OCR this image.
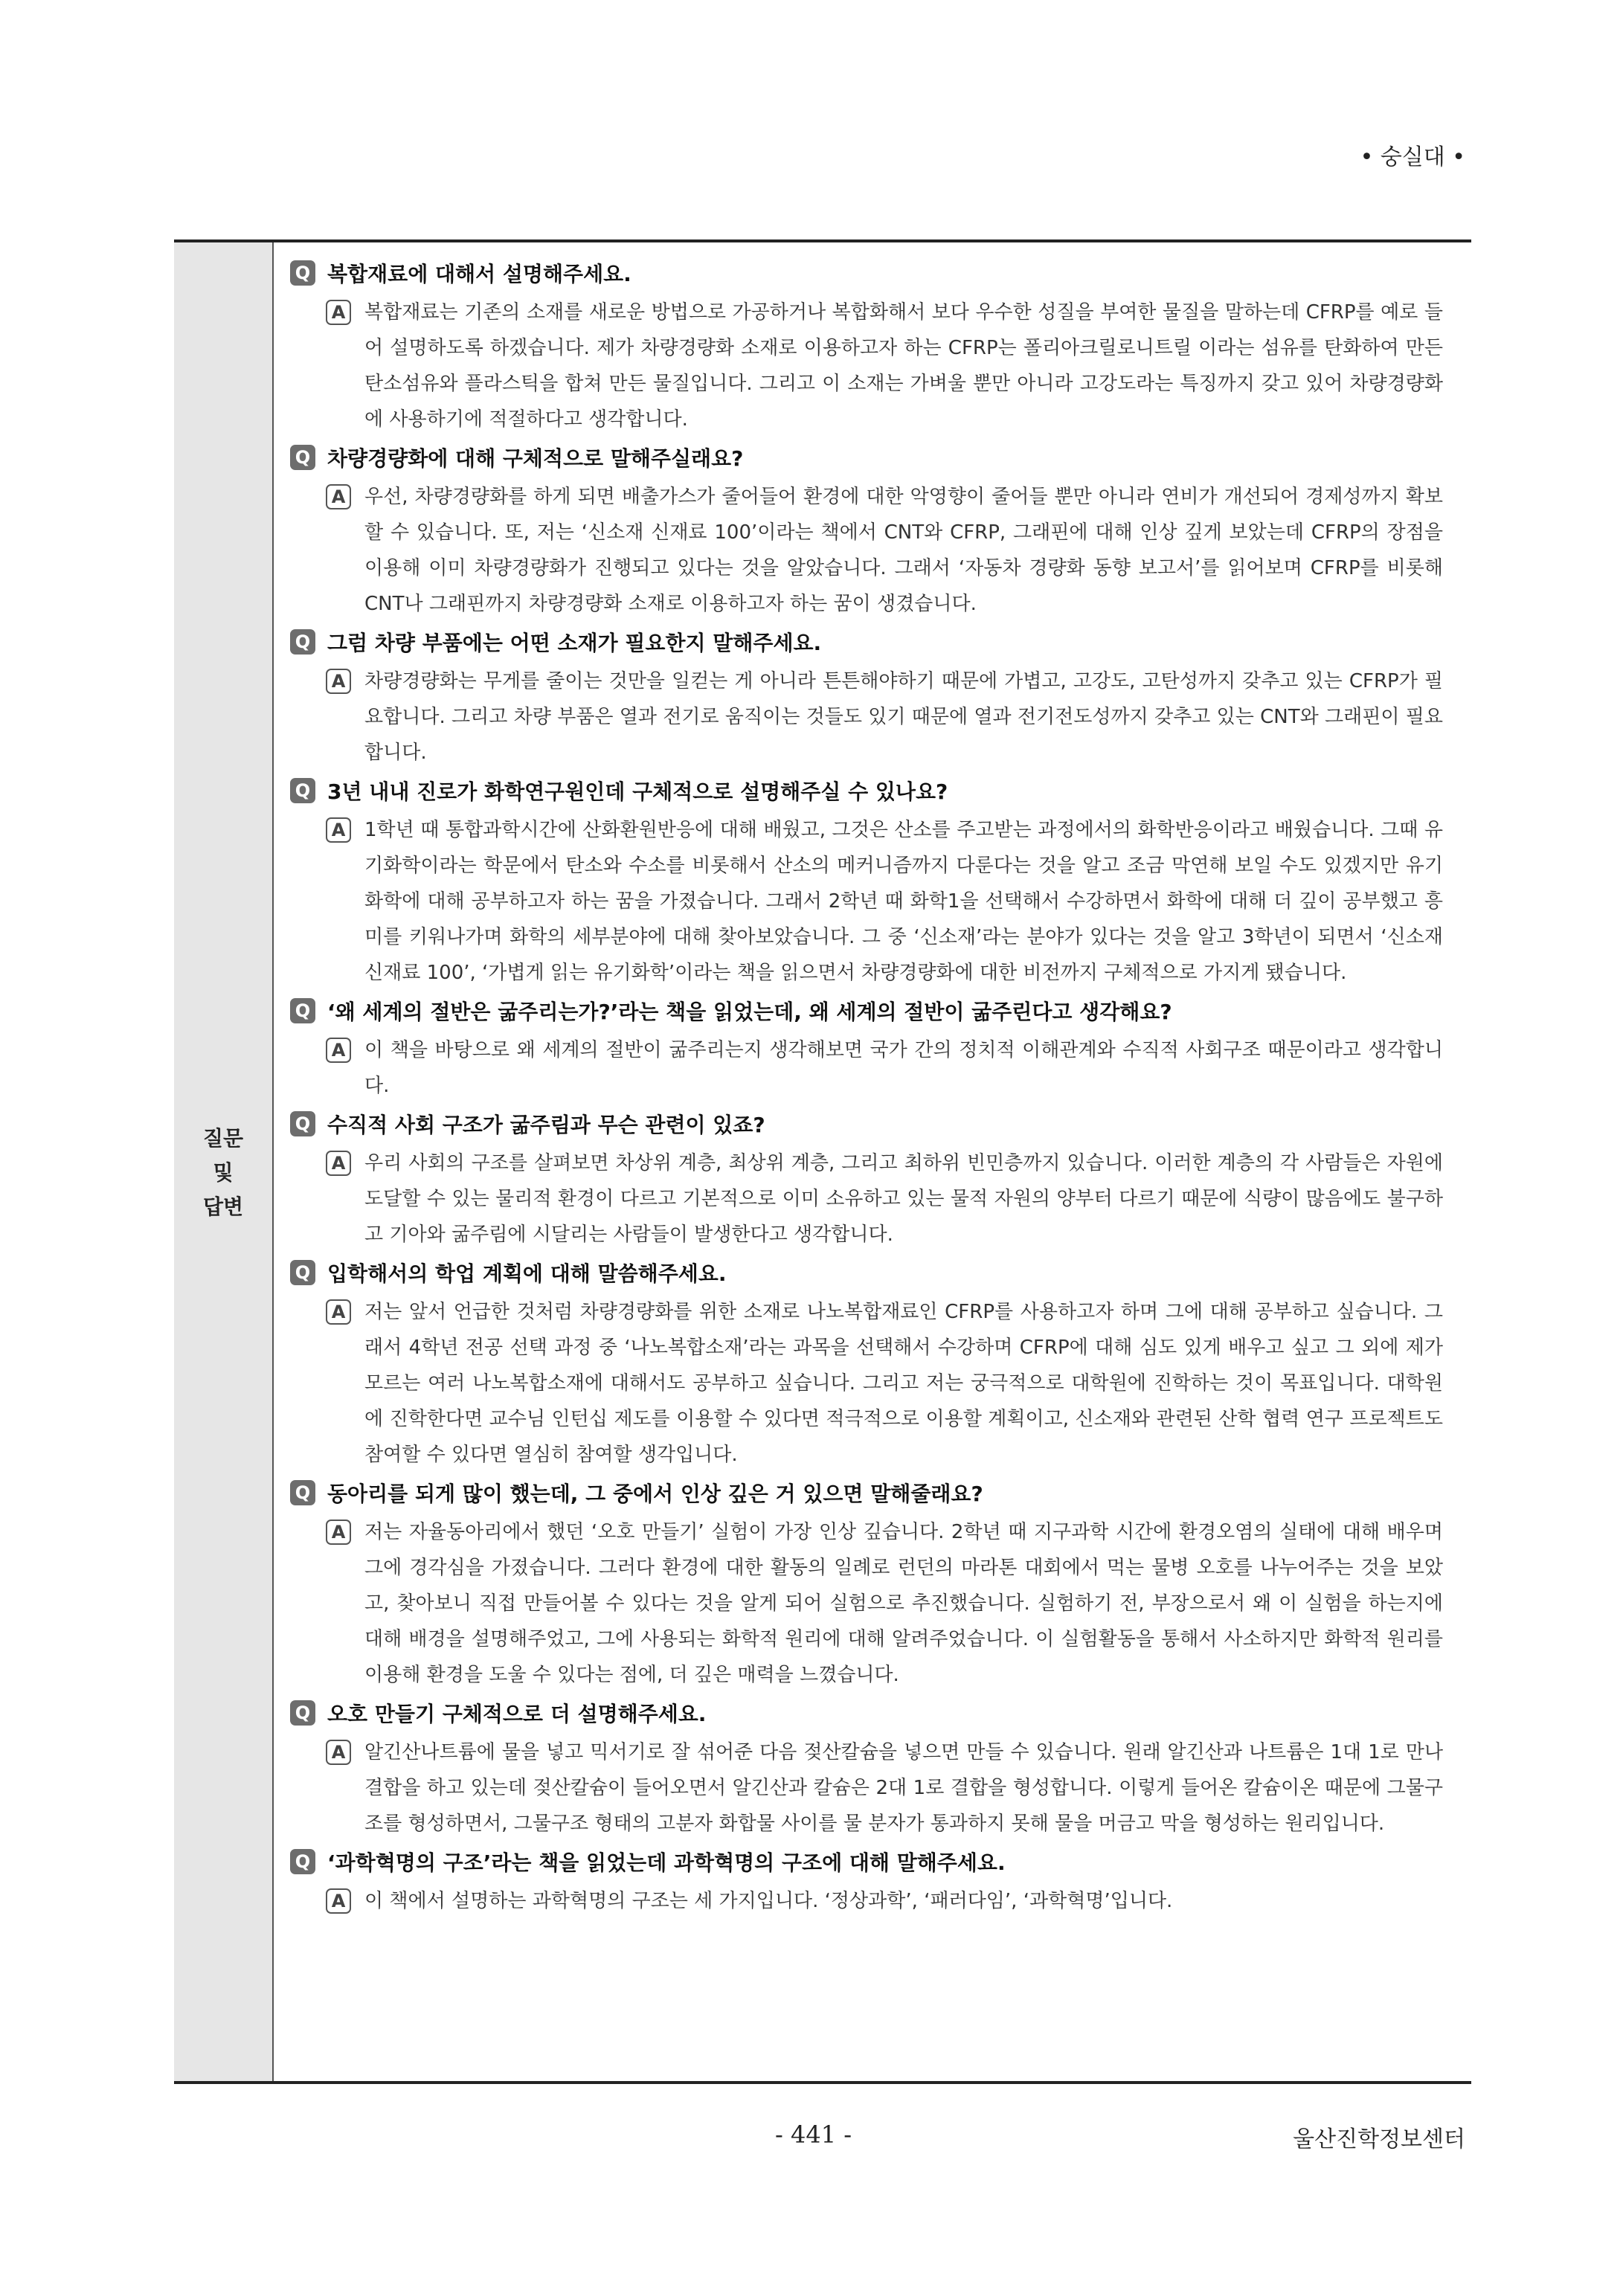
• 숭실대 •
질문
및
답변
Q 복합재료에 대해서 설명해주세요.
A 복합재료는 기존의 소재를 새로운 방법으로 가공하거나 복합화해서 보다 우수한 성질을 부여한 물질을 말하는데 CFRP를 예로 들어 설명하도록 하겠습니다. 제가 차량경량화 소재로 이용하고자 하는 CFRP는 폴리아크릴로니트릴 이라는 섬유를 탄화하여 만든 탄소섬유와 플라스틱을 합쳐 만든 물질입니다. 그리고 이 소재는 가벼울 뿐만 아니라 고강도라는 특징까지 갖고 있어 차량경량화에 사용하기에 적절하다고 생각합니다.
Q 차량경량화에 대해 구체적으로 말해주실래요?
A 우선, 차량경량화를 하게 되면 배출가스가 줄어들어 환경에 대한 악영향이 줄어들 뿐만 아니라 연비가 개선되어 경제성까지 확보할 수 있습니다. 또, 저는 ‘신소재 신재료 100’이라는 책에서 CNT와 CFRP, 그래핀에 대해 인상 깊게 보았는데 CFRP의 장점을 이용해 이미 차량경량화가 진행되고 있다는 것을 알았습니다. 그래서 ‘자동차 경량화 동향 보고서’를 읽어보며 CFRP를 비롯해 CNT나 그래핀까지 차량경량화 소재로 이용하고자 하는 꿈이 생겼습니다.
Q 그럼 차량 부품에는 어떤 소재가 필요한지 말해주세요.
A 차량경량화는 무게를 줄이는 것만을 일컫는 게 아니라 튼튼해야하기 때문에 가볍고, 고강도, 고탄성까지 갖추고 있는 CFRP가 필요합니다. 그리고 차량 부품은 열과 전기로 움직이는 것들도 있기 때문에 열과 전기전도성까지 갖추고 있는 CNT와 그래핀이 필요합니다.
Q 3년 내내 진로가 화학연구원인데 구체적으로 설명해주실 수 있나요?
A 1학년 때 통합과학시간에 산화환원반응에 대해 배웠고, 그것은 산소를 주고받는 과정에서의 화학반응이라고 배웠습니다. 그때 유기화학이라는 학문에서 탄소와 수소를 비롯해서 산소의 메커니즘까지 다룬다는 것을 알고 조금 막연해 보일 수도 있겠지만 유기화학에 대해 공부하고자 하는 꿈을 가졌습니다. 그래서 2학년 때 화학1을 선택해서 수강하면서 화학에 대해 더 깊이 공부했고 흥미를 키워나가며 화학의 세부분야에 대해 찾아보았습니다. 그 중 ‘신소재’라는 분야가 있다는 것을 알고 3학년이 되면서 ‘신소재 신재료 100’, ‘가볍게 읽는 유기화학’이라는 책을 읽으면서 차량경량화에 대한 비전까지 구체적으로 가지게 됐습니다.
Q ‘왜 세계의 절반은 굶주리는가?’라는 책을 읽었는데, 왜 세계의 절반이 굶주린다고 생각해요?
A 이 책을 바탕으로 왜 세계의 절반이 굶주리는지 생각해보면 국가 간의 정치적 이해관계와 수직적 사회구조 때문이라고 생각합니다.
Q 수직적 사회 구조가 굶주림과 무슨 관련이 있죠?
A 우리 사회의 구조를 살펴보면 차상위 계층, 최상위 계층, 그리고 최하위 빈민층까지 있습니다. 이러한 계층의 각 사람들은 자원에 도달할 수 있는 물리적 환경이 다르고 기본적으로 이미 소유하고 있는 물적 자원의 양부터 다르기 때문에 식량이 많음에도 불구하고 기아와 굶주림에 시달리는 사람들이 발생한다고 생각합니다.
Q 입학해서의 학업 계획에 대해 말씀해주세요.
A 저는 앞서 언급한 것처럼 차량경량화를 위한 소재로 나노복합재료인 CFRP를 사용하고자 하며 그에 대해 공부하고 싶습니다. 그래서 4학년 전공 선택 과정 중 ‘나노복합소재’라는 과목을 선택해서 수강하며 CFRP에 대해 심도 있게 배우고 싶고 그 외에 제가 모르는 여러 나노복합소재에 대해서도 공부하고 싶습니다. 그리고 저는 궁극적으로 대학원에 진학하는 것이 목표입니다. 대학원에 진학한다면 교수님 인턴십 제도를 이용할 수 있다면 적극적으로 이용할 계획이고, 신소재와 관련된 산학 협력 연구 프로젝트도 참여할 수 있다면 열심히 참여할 생각입니다.
Q 동아리를 되게 많이 했는데, 그 중에서 인상 깊은 거 있으면 말해줄래요?
A 저는 자율동아리에서 했던 ‘오호 만들기’ 실험이 가장 인상 깊습니다. 2학년 때 지구과학 시간에 환경오염의 실태에 대해 배우며 그에 경각심을 가졌습니다. 그러다 환경에 대한 활동의 일례로 런던의 마라톤 대회에서 먹는 물병 오호를 나누어주는 것을 보았고, 찾아보니 직접 만들어볼 수 있다는 것을 알게 되어 실험으로 추진했습니다. 실험하기 전, 부장으로서 왜 이 실험을 하는지에 대해 배경을 설명해주었고, 그에 사용되는 화학적 원리에 대해 알려주었습니다. 이 실험활동을 통해서 사소하지만 화학적 원리를 이용해 환경을 도울 수 있다는 점에, 더 깊은 매력을 느꼈습니다.
Q 오호 만들기 구체적으로 더 설명해주세요.
A 알긴산나트륨에 물을 넣고 믹서기로 잘 섞어준 다음 젖산칼슘을 넣으면 만들 수 있습니다. 원래 알긴산과 나트륨은 1대 1로 만나 결합을 하고 있는데 젖산칼슘이 들어오면서 알긴산과 칼슘은 2대 1로 결합을 형성합니다. 이렇게 들어온 칼슘이온 때문에 그물구조를 형성하면서, 그물구조 형태의 고분자 화합물 사이를 물 분자가 통과하지 못해 물을 머금고 막을 형성하는 원리입니다.
Q ‘과학혁명의 구조’라는 책을 읽었는데 과학혁명의 구조에 대해 말해주세요.
A 이 책에서 설명하는 과학혁명의 구조는 세 가지입니다. ‘정상과학’, ‘패러다임’, ‘과학혁명’입니다.
- 441 -	울산진학정보센터
